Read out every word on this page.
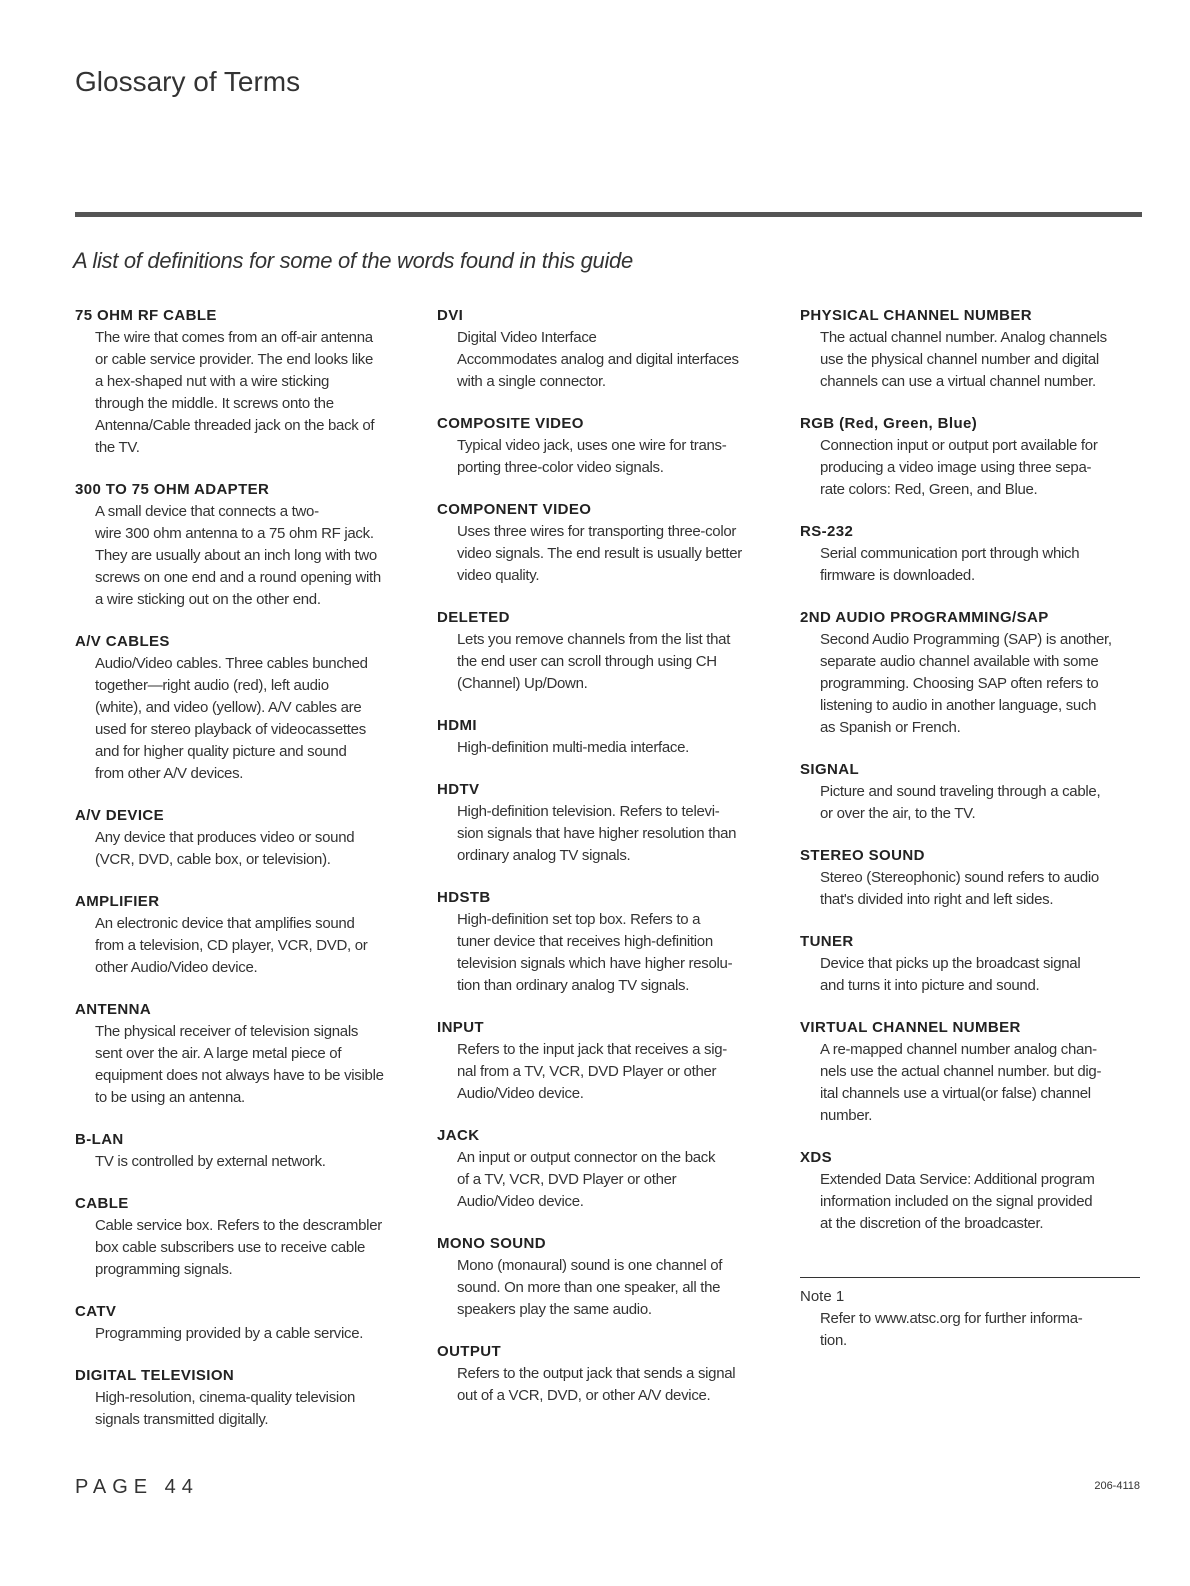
Glossary of Terms
A list of definitions for some of the words found in this guide
75 OHM RF CABLE
The wire that comes from an off-air antenna
or cable service provider. The end looks like
a hex-shaped nut with a wire sticking
through the middle. It screws onto the
Antenna/Cable threaded jack on the back of
the TV.
300 TO 75 OHM ADAPTER
A small device that connects a two-
wire 300 ohm antenna to a 75 ohm RF jack.
They are usually about an inch long with two
screws on one end and a round opening with
a wire sticking out on the other end.
A/V CABLES
Audio/Video cables. Three cables bunched
together—right audio (red), left audio
(white), and video (yellow). A/V cables are
used for stereo playback of videocassettes
and for higher quality picture and sound
from other A/V devices.
A/V DEVICE
Any device that produces video or sound
(VCR, DVD, cable box, or television).
AMPLIFIER
An electronic device that amplifies sound
from a television, CD player, VCR, DVD, or
other Audio/Video device.
ANTENNA
The physical receiver of television signals
sent over the air. A large metal piece of
equipment does not always have to be visible
to be using an antenna.
B-LAN
TV is controlled by external network.
CABLE
Cable service box. Refers to the descrambler
box cable subscribers use to receive cable
programming signals.
CATV
Programming provided by a cable service.
DIGITAL TELEVISION
High-resolution, cinema-quality television
signals transmitted digitally.
DVI
Digital Video Interface
Accommodates analog and digital interfaces
with a single connector.
COMPOSITE VIDEO
Typical video jack, uses one wire for trans-
porting three-color video signals.
COMPONENT VIDEO
Uses three wires for transporting three-color
video signals. The end result is usually better
video quality.
DELETED
Lets you remove channels from the list that
the end user can scroll through using CH
(Channel) Up/Down.
HDMI
High-definition multi-media interface.
HDTV
High-definition television. Refers to televi-
sion signals that have higher resolution than
ordinary analog TV signals.
HDSTB
High-definition set top box. Refers to a
tuner device that receives high-definition
television signals which have higher resolu-
tion than ordinary analog TV signals.
INPUT
Refers to the input jack that receives a sig-
nal from a TV, VCR, DVD Player or other
Audio/Video device.
JACK
An input or output connector on the back
of a TV, VCR, DVD Player or other
Audio/Video device.
MONO SOUND
Mono (monaural) sound is one channel of
sound. On more than one speaker, all the
speakers play the same audio.
OUTPUT
Refers to the output jack that sends a signal
out of a VCR, DVD, or other A/V device.
PHYSICAL CHANNEL NUMBER
The actual channel number. Analog channels
use the physical channel number and digital
channels can use a virtual channel number.
RGB (Red, Green, Blue)
Connection input or output port available for
producing a video image using three sepa-
rate colors: Red, Green, and Blue.
RS-232
Serial communication port through which
firmware is downloaded.
2ND AUDIO PROGRAMMING/SAP
Second Audio Programming (SAP) is another,
separate audio channel available with some
programming. Choosing SAP often refers to
listening to audio in another language, such
as Spanish or French.
SIGNAL
Picture and sound traveling through a cable,
or over the air, to the TV.
STEREO SOUND
Stereo (Stereophonic) sound refers to audio
that's divided into right and left sides.
TUNER
Device that picks up the broadcast signal
and turns it into picture and sound.
VIRTUAL CHANNEL NUMBER
A re-mapped channel number analog chan-
nels use the actual channel number. but dig-
ital channels use a virtual(or false) channel
number.
XDS
Extended Data Service: Additional program
information included on the signal provided
at the discretion of the broadcaster.
Note 1
Refer to www.atsc.org for further informa-
tion.
PAGE 44	206-4118
